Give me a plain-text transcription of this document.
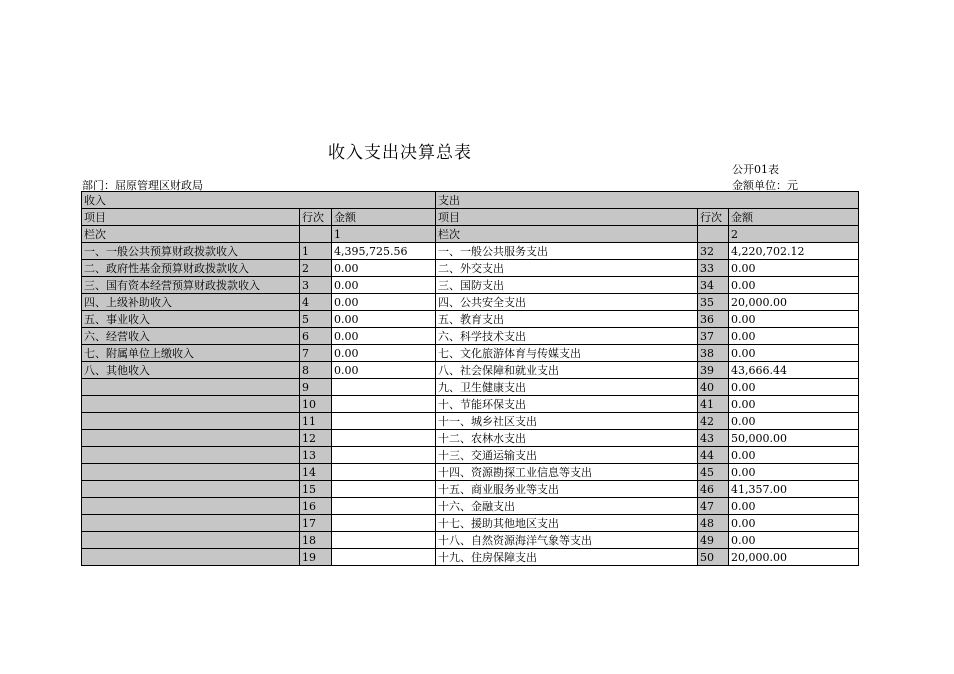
收入支出决算总表
公开01表
部门：屈原管理区财政局	金额单位：元
收入			支出		
项目	行次	金额	项目	行次	金额
栏次		1	栏次		2
一、一般公共预算财政拨款收入	1	4,395,725.56	一、一般公共服务支出	32	4,220,702.12
二、政府性基金预算财政拨款收入	2	0.00	二、外交支出	33	0.00
三、国有资本经营预算财政拨款收入	3	0.00	三、国防支出	34	0.00
四、上级补助收入	4	0.00	四、公共安全支出	35	20,000.00
五、事业收入	5	0.00	五、教育支出	36	0.00
六、经营收入	6	0.00	六、科学技术支出	37	0.00
七、附属单位上缴收入	7	0.00	七、文化旅游体育与传媒支出	38	0.00
八、其他收入	8	0.00	八、社会保障和就业支出	39	43,666.44
	9		九、卫生健康支出	40	0.00
	10		十、节能环保支出	41	0.00
	11		十一、城乡社区支出	42	0.00
	12		十二、农林水支出	43	50,000.00
	13		十三、交通运输支出	44	0.00
	14		十四、资源勘探工业信息等支出	45	0.00
	15		十五、商业服务业等支出	46	41,357.00
	16		十六、金融支出	47	0.00
	17		十七、援助其他地区支出	48	0.00
	18		十八、自然资源海洋气象等支出	49	0.00
	19		十九、住房保障支出	50	20,000.00
